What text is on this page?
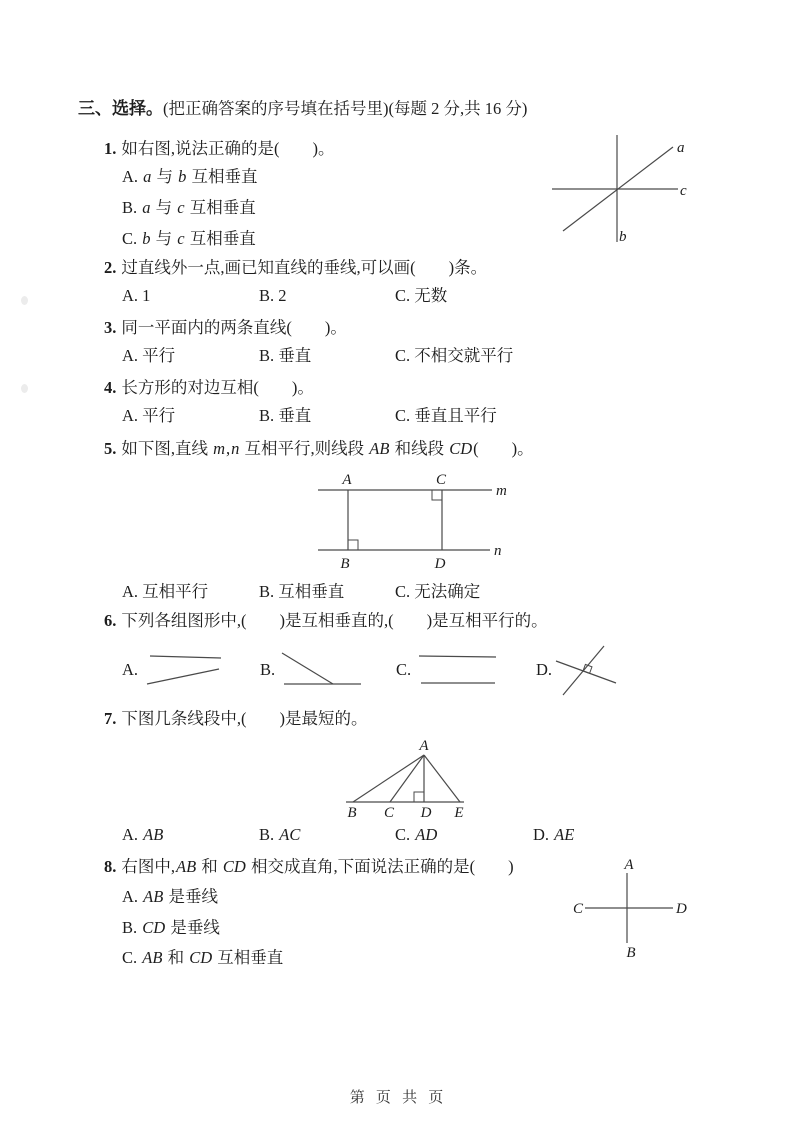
三、选择。(把正确答案的序号填在括号里)(每题 2 分,共 16 分)
1. 如右图,说法正确的是(　　)。
A. a 与 b 互相垂直
B. a 与 c 互相垂直
C. b 与 c 互相垂直
a
c
b
2. 过直线外一点,画已知直线的垂线,可以画(　　)条。
A. 1	B. 2	C. 无数
3. 同一平面内的两条直线(　　)。
A. 平行	B. 垂直	C. 不相交就平行
4. 长方形的对边互相(　　)。
A. 平行	B. 垂直	C. 垂直且平行
5. 如下图,直线 m,n 互相平行,则线段 AB 和线段 CD(　　)。
A	C
m
B	D
n
A. 互相平行	B. 互相垂直	C. 无法确定
6. 下列各组图形中,(　　)是互相垂直的,(　　)是互相平行的。
A.	B.	C.	D.
7. 下图几条线段中,(　　)是最短的。
A
B C D E
A. AB	B. AC	C. AD	D. AE
8. 右图中,AB 和 CD 相交成直角,下面说法正确的是(　　)
A. AB 是垂线
B. CD 是垂线
C. AB 和 CD 互相垂直
A
B
C	D
第 页 共 页
